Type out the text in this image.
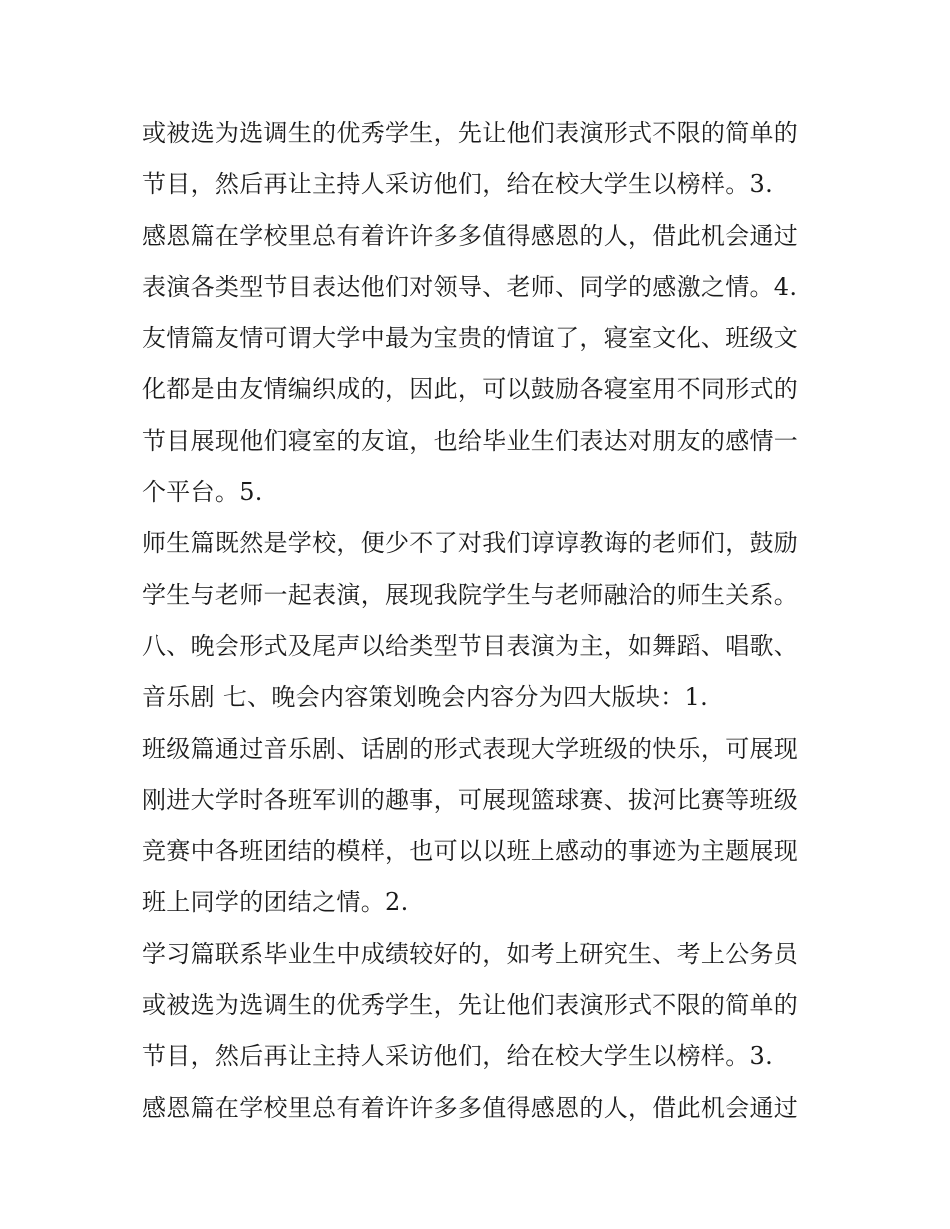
或被选为选调生的优秀学生，先让他们表演形式不限的简单的
节目，然后再让主持人采访他们，给在校大学生以榜样。3.
感恩篇在学校里总有着许许多多值得感恩的人，借此机会通过
表演各类型节目表达他们对领导、老师、同学的感激之情。4.
友情篇友情可谓大学中最为宝贵的情谊了，寝室文化、班级文
化都是由友情编织成的，因此，可以鼓励各寝室用不同形式的
节目展现他们寝室的友谊，也给毕业生们表达对朋友的感情一
个平台。5.
师生篇既然是学校，便少不了对我们谆谆教诲的老师们，鼓励
学生与老师一起表演，展现我院学生与老师融洽的师生关系。
八、晚会形式及尾声以给类型节目表演为主，如舞蹈、唱歌、
音乐剧 七、晚会内容策划晚会内容分为四大版块：1.
班级篇通过音乐剧、话剧的形式表现大学班级的快乐，可展现
刚进大学时各班军训的趣事，可展现篮球赛、拔河比赛等班级
竞赛中各班团结的模样，也可以以班上感动的事迹为主题展现
班上同学的团结之情。2.
学习篇联系毕业生中成绩较好的，如考上研究生、考上公务员
或被选为选调生的优秀学生，先让他们表演形式不限的简单的
节目，然后再让主持人采访他们，给在校大学生以榜样。3.
感恩篇在学校里总有着许许多多值得感恩的人，借此机会通过
